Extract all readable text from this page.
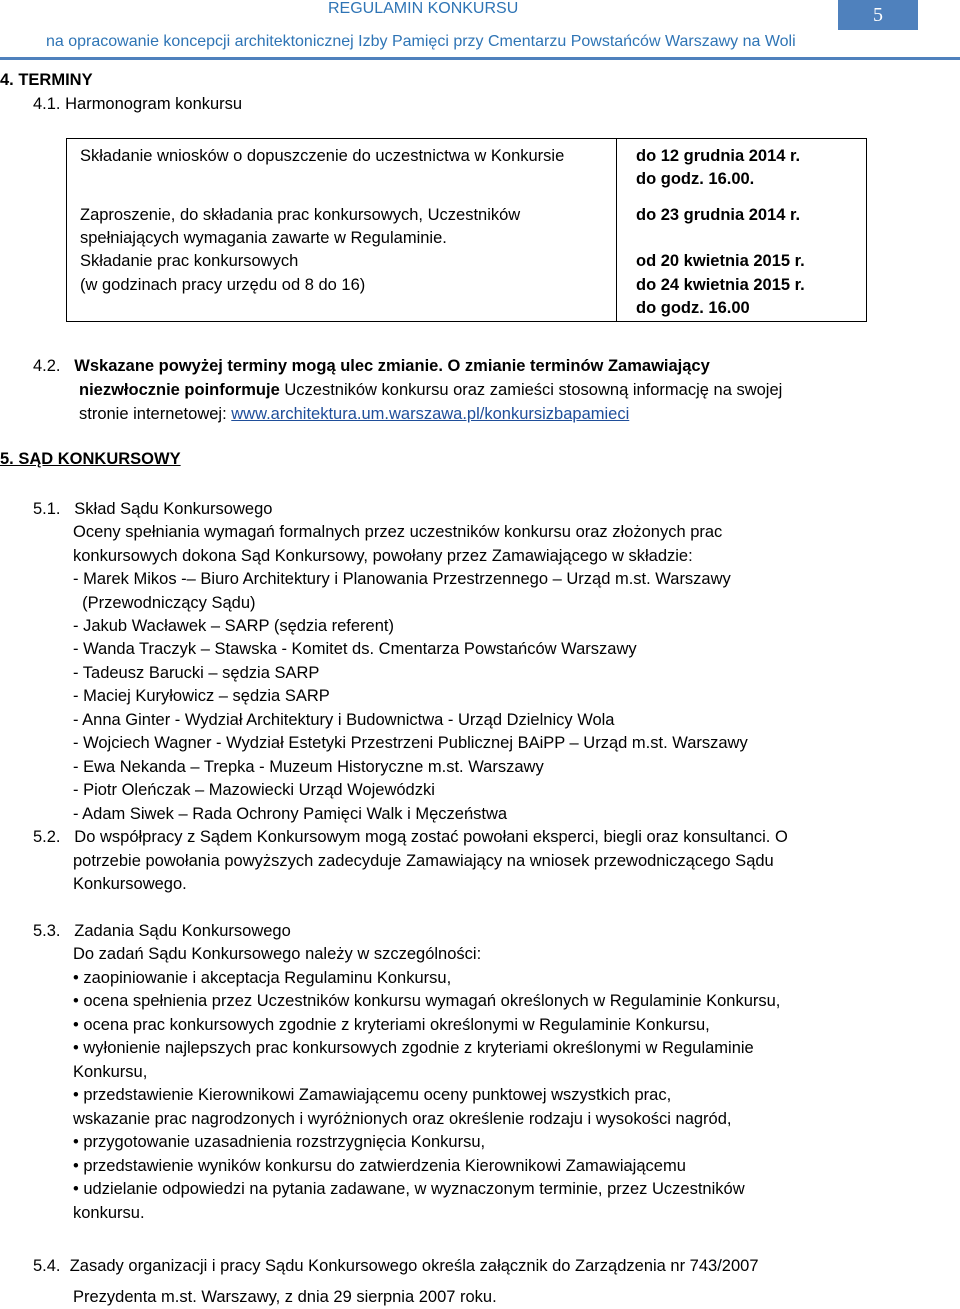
REGULAMIN KONKURSU
na opracowanie koncepcji architektonicznej Izby Pamięci przy Cmentarzu Powstańców Warszawy na Woli
5
4. TERMINY
4.1. Harmonogram konkursu
Składanie wniosków o dopuszczenie do uczestnictwa w Konkursie	do 12 grudnia 2014 r.
do godz. 16.00.
Zaproszenie, do składania prac konkursowych, Uczestników
spełniających wymagania zawarte w Regulaminie.
do 23 grudnia 2014 r.
Składanie prac konkursowych
(w godzinach pracy urzędu od 8 do 16)
od 20 kwietnia 2015 r.
do 24 kwietnia 2015 r.
do godz. 16.00
4.2. Wskazane powyżej terminy mogą ulec zmianie. O zmianie terminów Zamawiający
niezwłocznie poinformuje Uczestników konkursu oraz zamieści stosowną informację na swojej
stronie internetowej: www.architektura.um.warszawa.pl/konkursizbapamieci
5. SĄD KONKURSOWY
5.1. Skład Sądu Konkursowego
Oceny spełniania wymagań formalnych przez uczestników konkursu oraz złożonych prac
konkursowych dokona Sąd Konkursowy, powołany przez Zamawiającego w składzie:
- Marek Mikos -– Biuro Architektury i Planowania Przestrzennego – Urząd m.st. Warszawy
(Przewodniczący Sądu)
- Jakub Wacławek – SARP (sędzia referent)
- Wanda Traczyk – Stawska - Komitet ds. Cmentarza Powstańców Warszawy
- Tadeusz Barucki – sędzia SARP
- Maciej Kuryłowicz – sędzia SARP
- Anna Ginter - Wydział Architektury i Budownictwa - Urząd Dzielnicy Wola
- Wojciech Wagner - Wydział Estetyki Przestrzeni Publicznej BAiPP – Urząd m.st. Warszawy
- Ewa Nekanda – Trepka - Muzeum Historyczne m.st. Warszawy
- Piotr Oleńczak – Mazowiecki Urząd Wojewódzki
- Adam Siwek – Rada Ochrony Pamięci Walk i Męczeństwa
5.2. Do współpracy z Sądem Konkursowym mogą zostać powołani eksperci, biegli oraz konsultanci. O
potrzebie powołania powyższych zadecyduje Zamawiający na wniosek przewodniczącego Sądu
Konkursowego.
5.3. Zadania Sądu Konkursowego
Do zadań Sądu Konkursowego należy w szczególności:
• zaopiniowanie i akceptacja Regulaminu Konkursu,
• ocena spełnienia przez Uczestników konkursu wymagań określonych w Regulaminie Konkursu,
• ocena prac konkursowych zgodnie z kryteriami określonymi w Regulaminie Konkursu,
• wyłonienie najlepszych prac konkursowych zgodnie z kryteriami określonymi w Regulaminie
Konkursu,
• przedstawienie Kierownikowi Zamawiającemu oceny punktowej wszystkich prac,
wskazanie prac nagrodzonych i wyróżnionych oraz określenie rodzaju i wysokości nagród,
• przygotowanie uzasadnienia rozstrzygnięcia Konkursu,
• przedstawienie wyników konkursu do zatwierdzenia Kierownikowi Zamawiającemu
• udzielanie odpowiedzi na pytania zadawane, w wyznaczonym terminie, przez Uczestników
konkursu.
5.4. Zasady organizacji i pracy Sądu Konkursowego określa załącznik do Zarządzenia nr 743/2007
Prezydenta m.st. Warszawy, z dnia 29 sierpnia 2007 roku.
